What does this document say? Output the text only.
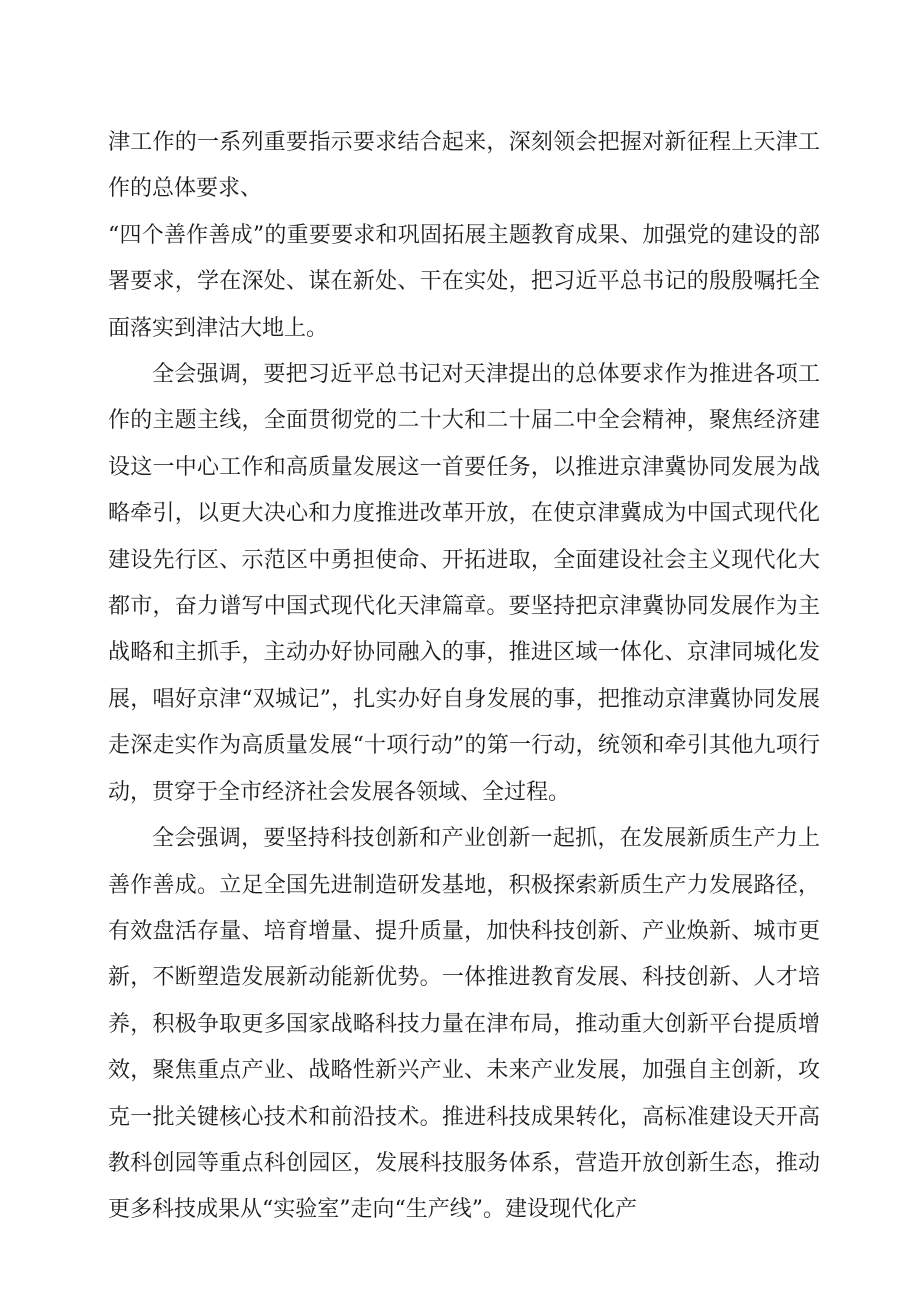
津工作的一系列重要指示要求结合起来，深刻领会把握对新征程上天津工作的总体要求、

“四个善作善成”的重要要求和巩固拓展主题教育成果、加强党的建设的部署要求，学在深处、谋在新处、干在实处，把习近平总书记的殷殷嘱托全面落实到津沽大地上。

全会强调，要把习近平总书记对天津提出的总体要求作为推进各项工作的主题主线，全面贯彻党的二十大和二十届二中全会精神，聚焦经济建设这一中心工作和高质量发展这一首要任务，以推进京津冀协同发展为战略牵引，以更大决心和力度推进改革开放，在使京津冀成为中国式现代化建设先行区、示范区中勇担使命、开拓进取，全面建设社会主义现代化大都市，奋力谱写中国式现代化天津篇章。要坚持把京津冀协同发展作为主战略和主抓手，主动办好协同融入的事，推进区域一体化、京津同城化发展，唱好京津“双城记”，扎实办好自身发展的事，把推动京津冀协同发展走深走实作为高质量发展“十项行动”的第一行动，统领和牵引其他九项行动，贯穿于全市经济社会发展各领域、全过程。

全会强调，要坚持科技创新和产业创新一起抓，在发展新质生产力上善作善成。立足全国先进制造研发基地，积极探索新质生产力发展路径，有效盘活存量、培育增量、提升质量，加快科技创新、产业焕新、城市更新，不断塑造发展新动能新优势。一体推进教育发展、科技创新、人才培养，积极争取更多国家战略科技力量在津布局，推动重大创新平台提质增效，聚焦重点产业、战略性新兴产业、未来产业发展，加强自主创新，攻克一批关键核心技术和前沿技术。推进科技成果转化，高标准建设天开高教科创园等重点科创园区，发展科技服务体系，营造开放创新生态，推动更多科技成果从“实验室”走向“生产线”。建设现代化产
